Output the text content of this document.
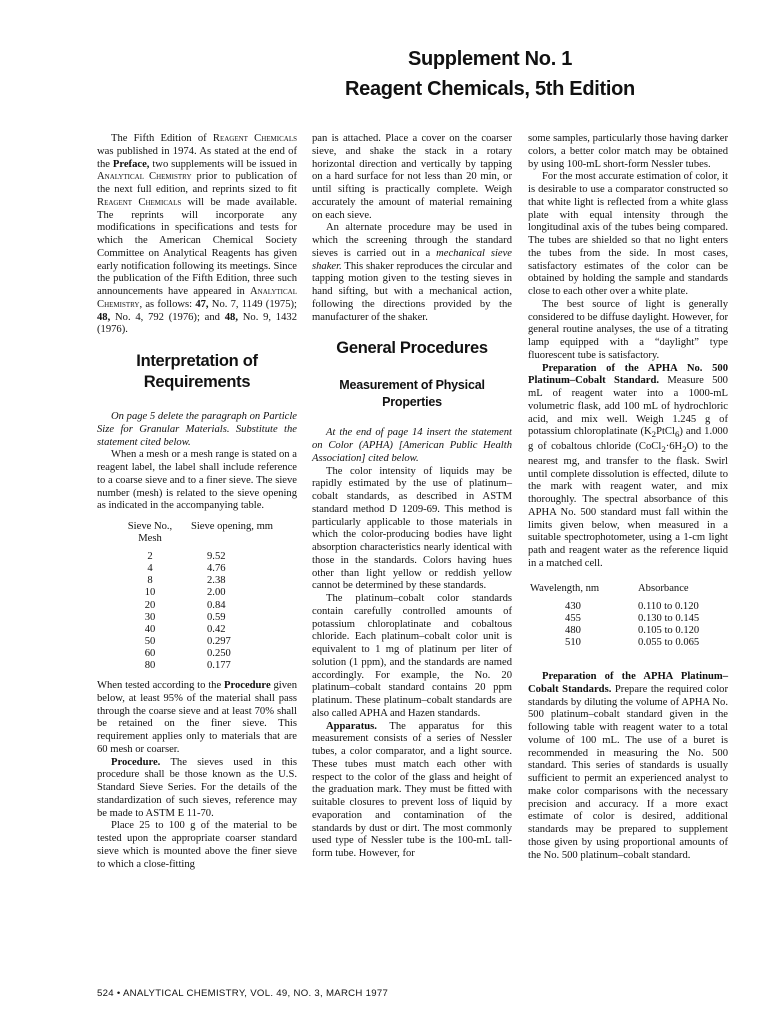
Supplement No. 1
Reagent Chemicals, 5th Edition

The Fifth Edition of Reagent Chemicals was published in 1974. As stated at the end of the Preface, two supplements will be issued in Analytical Chemistry prior to publication of the next full edition, and reprints sized to fit Reagent Chemicals will be made available. The reprints will incorporate any modifications in specifications and tests for which the American Chemical Society Committee on Analytical Reagents has given early notification following its meetings. Since the publication of the Fifth Edition, three such announcements have appeared in Analytical Chemistry, as follows: 47, No. 7, 1149 (1975); 48, No. 4, 792 (1976); and 48, No. 9, 1432 (1976).

Interpretation of Requirements

On page 5 delete the paragraph on Particle Size for Granular Materials. Substitute the statement cited below.

When a mesh or a mesh range is stated on a reagent label, the label shall include reference to a coarse sieve and to a finer sieve. The sieve number (mesh) is related to the sieve opening as indicated in the accompanying table.

Sieve No., Mesh	Sieve opening, mm
2	9.52
4	4.76
8	2.38
10	2.00
20	0.84
30	0.59
40	0.42
50	0.297
60	0.250
80	0.177

When tested according to the Procedure given below, at least 95% of the material shall pass through the coarse sieve and at least 70% shall be retained on the finer sieve. This requirement applies only to materials that are 60 mesh or coarser.

Procedure. The sieves used in this procedure shall be those known as the U.S. Standard Sieve Series. For the details of the standardization of such sieves, reference may be made to ASTM E 11-70.

Place 25 to 100 g of the material to be tested upon the appropriate coarser standard sieve which is mounted above the finer sieve to which a close-fitting

pan is attached. Place a cover on the coarser sieve, and shake the stack in a rotary horizontal direction and vertically by tapping on a hard surface for not less than 20 min, or until sifting is practically complete. Weigh accurately the amount of material remaining on each sieve.

An alternate procedure may be used in which the screening through the standard sieves is carried out in a mechanical sieve shaker. This shaker reproduces the circular and tapping motion given to the testing sieves in hand sifting, but with a mechanical action, following the directions provided by the manufacturer of the shaker.

General Procedures
Measurement of Physical Properties

At the end of page 14 insert the statement on Color (APHA) [American Public Health Association] cited below.

The color intensity of liquids may be rapidly estimated by the use of platinum–cobalt standards, as described in ASTM standard method D 1209-69. This method is particularly applicable to those materials in which the color-producing bodies have light absorption characteristics nearly identical with those in the standards. Colors having hues other than light yellow or reddish yellow cannot be determined by these standards.

The platinum–cobalt color standards contain carefully controlled amounts of potassium chloroplatinate and cobaltous chloride. Each platinum–cobalt color unit is equivalent to 1 mg of platinum per liter of solution (1 ppm), and the standards are named accordingly. For example, the No. 20 platinum–cobalt standard contains 20 ppm platinum. These platinum–cobalt standards are also called APHA and Hazen standards.

Apparatus. The apparatus for this measurement consists of a series of Nessler tubes, a color comparator, and a light source. These tubes must match each other with respect to the color of the glass and height of the graduation mark. They must be fitted with suitable closures to prevent loss of liquid by evaporation and contamination of the standards by dust or dirt. The most commonly used type of Nessler tube is the 100-mL tall-form tube. However, for

some samples, particularly those having darker colors, a better color match may be obtained by using 100-mL short-form Nessler tubes.

For the most accurate estimation of color, it is desirable to use a comparator constructed so that white light is reflected from a white glass plate with equal intensity through the longitudinal axis of the tubes being compared. The tubes are shielded so that no light enters the tubes from the side. In most cases, satisfactory estimates of the color can be obtained by holding the sample and standards close to each other over a white plate.

The best source of light is generally considered to be diffuse daylight. However, for general routine analyses, the use of a titrating lamp equipped with a “daylight” type fluorescent tube is satisfactory.

Preparation of the APHA No. 500 Platinum–Cobalt Standard. Measure 500 mL of reagent water into a 1000-mL volumetric flask, add 100 mL of hydrochloric acid, and mix well. Weigh 1.245 g of potassium chloroplatinate $(K_2PtCl_6)$ and 1.000 g of cobaltous chloride $(CoCl_2\cdot 6H_2O)$ to the nearest mg, and transfer to the flask. Swirl until complete dissolution is effected, dilute to the mark with reagent water, and mix thoroughly. The spectral absorbance of this APHA No. 500 standard must fall within the limits given below, when measured in a suitable spectrophotometer, using a 1-cm light path and reagent water as the reference liquid in a matched cell.

Wavelength, nm	Absorbance
430	0.110 to 0.120
455	0.130 to 0.145
480	0.105 to 0.120
510	0.055 to 0.065

Preparation of the APHA Platinum–Cobalt Standards. Prepare the required color standards by diluting the volume of APHA No. 500 platinum–cobalt standard given in the following table with reagent water to a total volume of 100 mL. The use of a buret is recommended in measuring the No. 500 standard. This series of standards is usually sufficient to permit an experienced analyst to make color comparisons with the necessary precision and accuracy. If a more exact estimate of color is desired, additional standards may be prepared to supplement those given by using proportional amounts of the No. 500 platinum–cobalt standard.

524 • ANALYTICAL CHEMISTRY, VOL. 49, NO. 3, MARCH 1977
